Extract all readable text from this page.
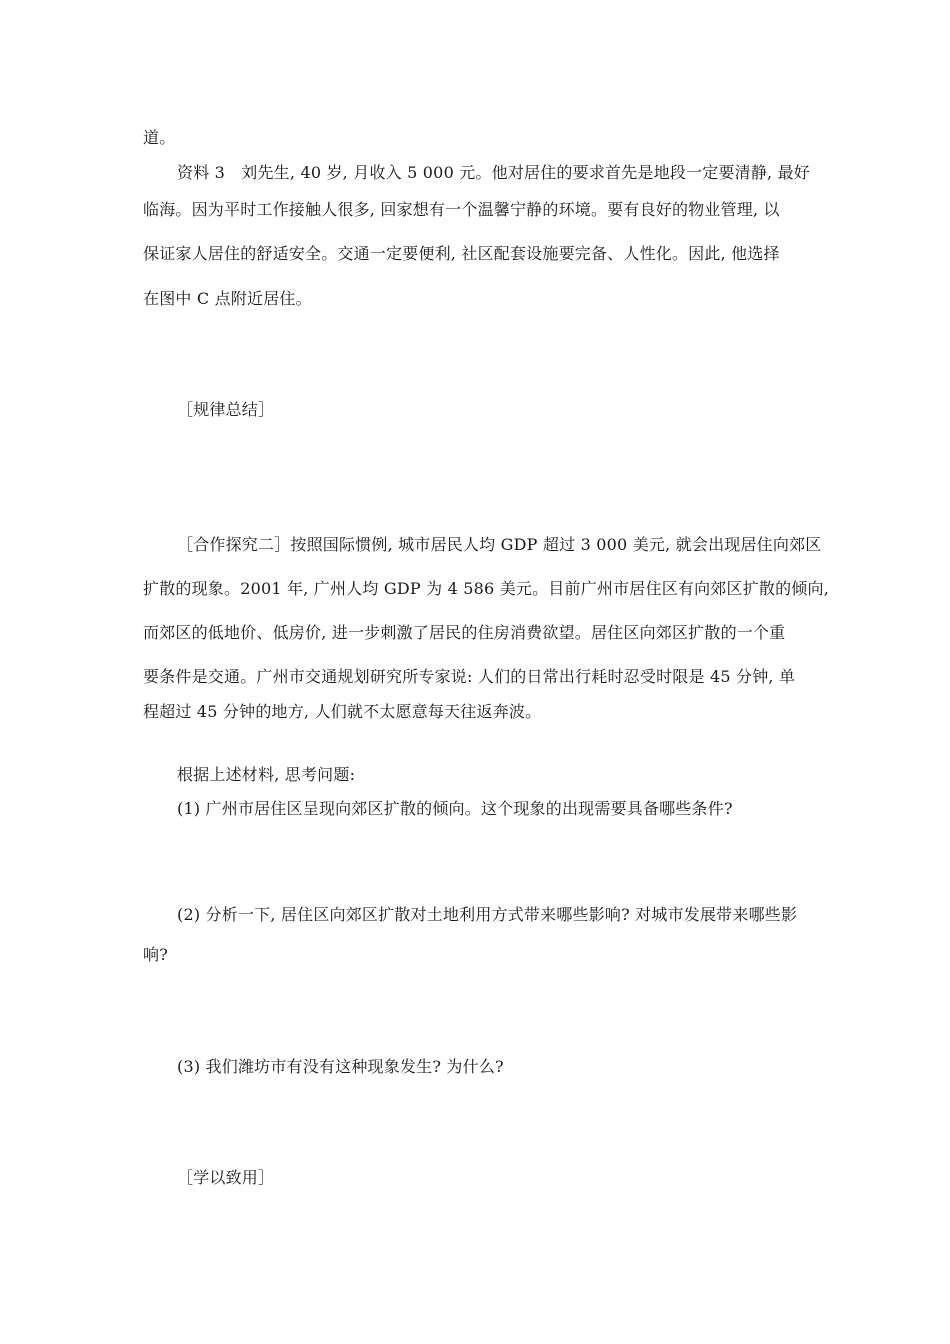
道。
资料 3　刘先生, 40 岁, 月收入 5 000 元。他对居住的要求首先是地段一定要清静, 最好
临海。因为平时工作接触人很多, 回家想有一个温馨宁静的环境。要有良好的物业管理, 以
保证家人居住的舒适安全。交通一定要便利, 社区配套设施要完备、人性化。因此, 他选择
在图中 C 点附近居住。
［规律总结］
［合作探究二］按照国际惯例, 城市居民人均 GDP 超过 3 000 美元, 就会出现居住向郊区
扩散的现象。2001 年, 广州人均 GDP 为 4 586 美元。目前广州市居住区有向郊区扩散的倾向,
而郊区的低地价、低房价, 进一步刺激了居民的住房消费欲望。居住区向郊区扩散的一个重
要条件是交通。广州市交通规划研究所专家说: 人们的日常出行耗时忍受时限是 45 分钟, 单
程超过 45 分钟的地方, 人们就不太愿意每天往返奔波。
根据上述材料, 思考问题:
(1) 广州市居住区呈现向郊区扩散的倾向。这个现象的出现需要具备哪些条件?
(2) 分析一下, 居住区向郊区扩散对土地利用方式带来哪些影响? 对城市发展带来哪些影
响?
(3) 我们潍坊市有没有这种现象发生? 为什么?
［学以致用］
